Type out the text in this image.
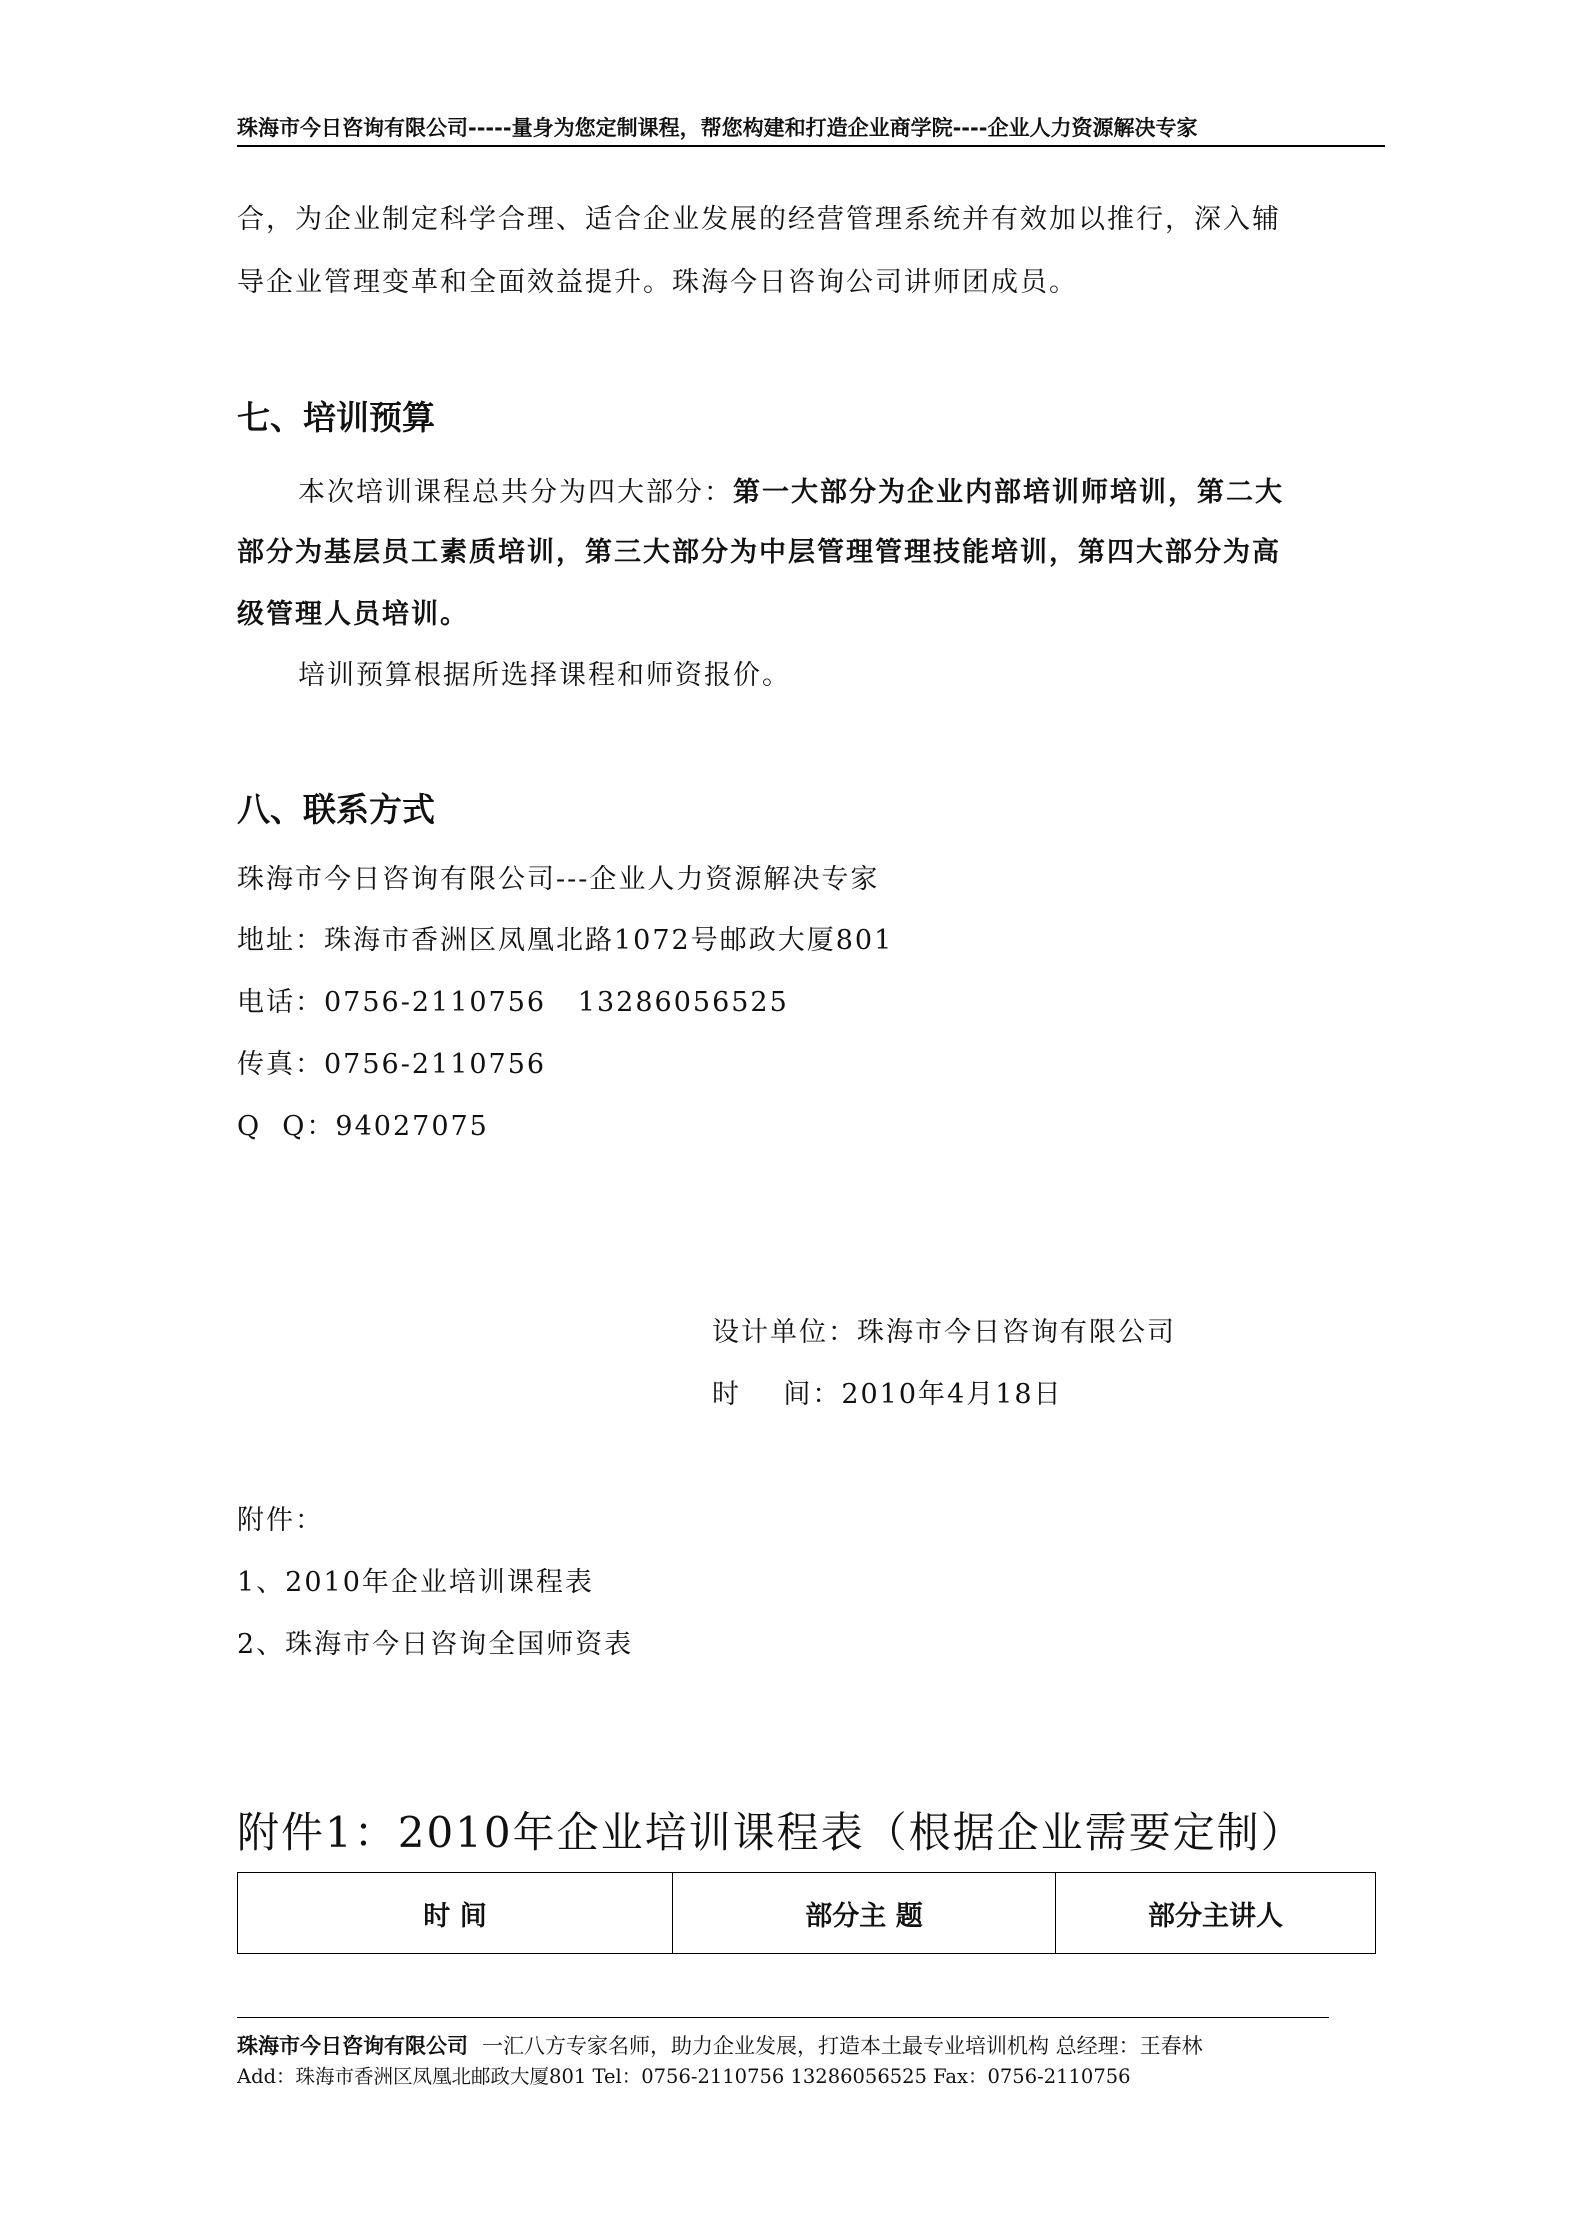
珠海市今日咨询有限公司-----量身为您定制课程，帮您构建和打造企业商学院----企业人力资源解决专家
合，为企业制定科学合理、适合企业发展的经营管理系统并有效加以推行，深入辅
导企业管理变革和全面效益提升。珠海今日咨询公司讲师团成员。
七、培训预算
本次培训课程总共分为四大部分：第一大部分为企业内部培训师培训，第二大
部分为基层员工素质培训，第三大部分为中层管理管理技能培训，第四大部分为高
级管理人员培训。
培训预算根据所选择课程和师资报价。
八、联系方式
珠海市今日咨询有限公司---企业人力资源解决专家
地址：珠海市香洲区凤凰北路1072号邮政大厦801
电话：0756-2110756   13286056525
传真：0756-2110756
Q  Q：94027075
设计单位：珠海市今日咨询有限公司
时    间：2010年4月18日
附件：
1、2010年企业培训课程表
2、珠海市今日咨询全国师资表
附件1：2010年企业培训课程表（根据企业需要定制）
时 间	部分主 题	部分主讲人
珠海市今日咨询有限公司 一汇八方专家名师，助力企业发展，打造本土最专业培训机构 总经理：王春林
Add：珠海市香洲区凤凰北邮政大厦801 Tel：0756-2110756 13286056525 Fax：0756-2110756
